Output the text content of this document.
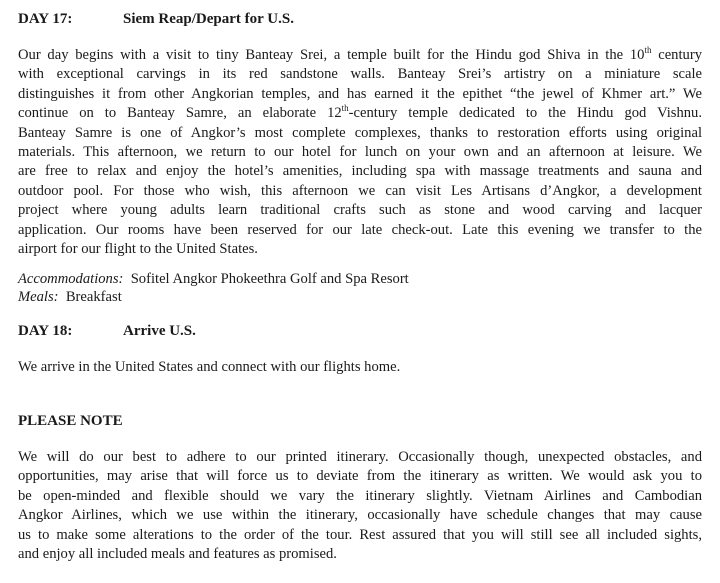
DAY 17:	Siem Reap/Depart for U.S.
Our day begins with a visit to tiny Banteay Srei, a temple built for the Hindu god Shiva in the 10th century
with exceptional carvings in its red sandstone walls. Banteay Srei’s artistry on a miniature scale
distinguishes it from other Angkorian temples, and has earned it the epithet “the jewel of Khmer art.” We
continue on to Banteay Samre, an elaborate 12th-century temple dedicated to the Hindu god Vishnu.
Banteay Samre is one of Angkor’s most complete complexes, thanks to restoration efforts using original
materials. This afternoon, we return to our hotel for lunch on your own and an afternoon at leisure. We
are free to relax and enjoy the hotel’s amenities, including spa with massage treatments and sauna and
outdoor pool. For those who wish, this afternoon we can visit Les Artisans d’Angkor, a development
project where young adults learn traditional crafts such as stone and wood carving and lacquer
application. Our rooms have been reserved for our late check-out. Late this evening we transfer to the
airport for our flight to the United States.
Accommodations: Sofitel Angkor Phokeethra Golf and Spa Resort
Meals: Breakfast
DAY 18:	Arrive U.S.
We arrive in the United States and connect with our flights home.
PLEASE NOTE
We will do our best to adhere to our printed itinerary. Occasionally though, unexpected obstacles, and
opportunities, may arise that will force us to deviate from the itinerary as written. We would ask you to
be open-minded and flexible should we vary the itinerary slightly. Vietnam Airlines and Cambodian
Angkor Airlines, which we use within the itinerary, occasionally have schedule changes that may cause
us to make some alterations to the order of the tour. Rest assured that you will still see all included sights,
and enjoy all included meals and features as promised.
